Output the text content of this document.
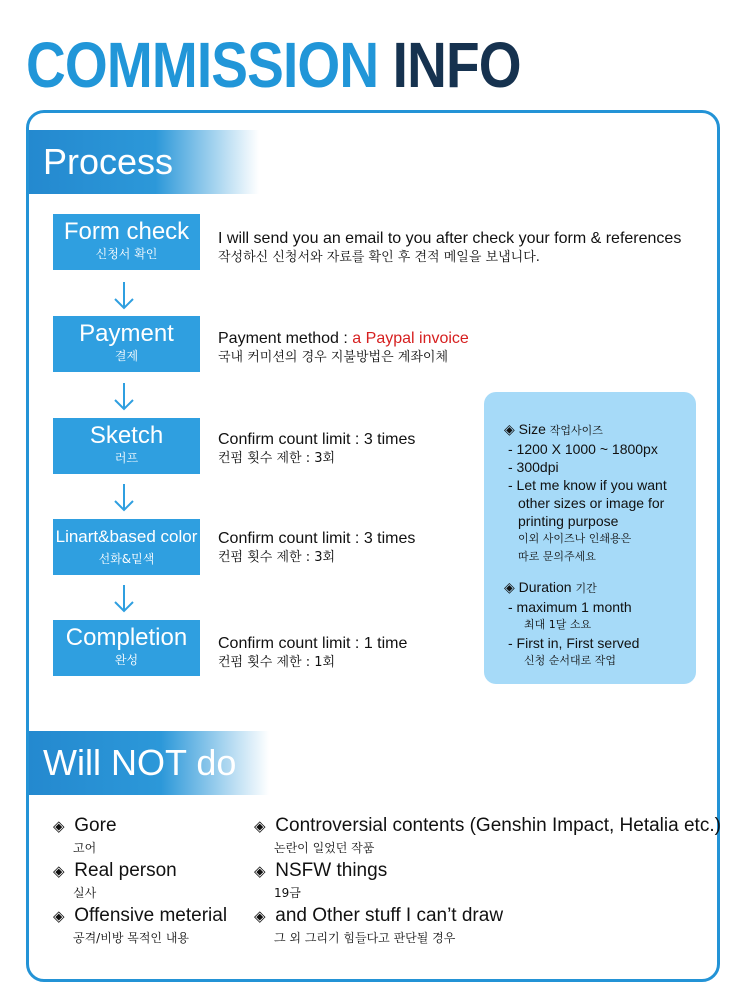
COMMISSION INFO
Process
Form check
신청서 확인
I will send you an email to you after check your form & references
작성하신 신청서와 자료를 확인 후 견적 메일을 보냅니다.
Payment
결제
Payment method : a Paypal invoice
국내 커미션의 경우 지불방법은 계좌이체
Sketch
러프
Confirm count limit : 3 times
컨펌 횟수 제한 : 3회
Linart&based color
선화&밑색
Confirm count limit : 3 times
컨펌 횟수 제한 : 3회
Completion
완성
Confirm count limit : 1 time
컨펌 횟수 제한 : 1회
◈ Size 작업사이즈
- 1200 X 1000 ~ 1800px
- 300dpi
- Let me know if you want
other sizes or image for
printing purpose
이외 사이즈나 인쇄용은
따로 문의주세요
◈ Duration 기간
- maximum 1 month
최대 1달 소요
- First in, First served
신청 순서대로 작업
Will NOT do
◈ Gore
고어
◈ Real person
실사
◈ Offensive meterial
공격/비방 목적인 내용
◈ Controversial contents (Genshin Impact, Hetalia etc.)
논란이 일었던 작품
◈ NSFW things
19금
◈ and Other stuff I can’t draw
그 외 그리기 힘들다고 판단될 경우
